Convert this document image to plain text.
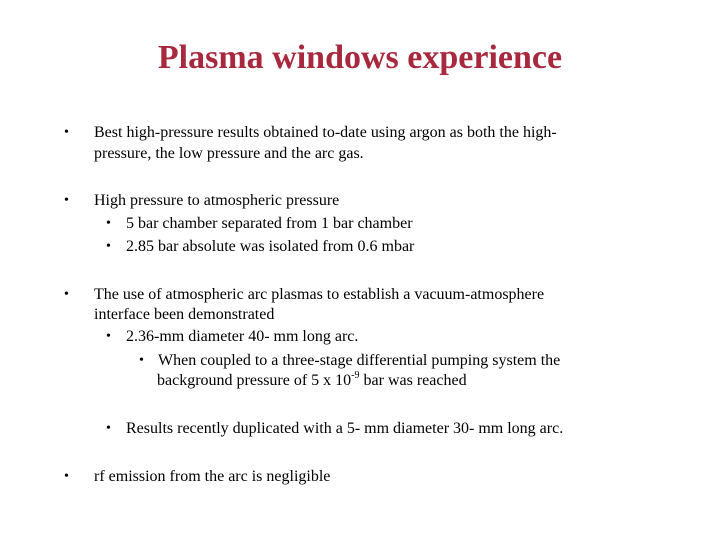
Plasma windows experience
• Best high-pressure results obtained to-date using argon as both the high-
pressure, the low pressure and the arc gas.
• High pressure to atmospheric pressure
• 5 bar chamber separated from 1 bar chamber
• 2.85 bar absolute was isolated from 0.6 mbar
• The use of atmospheric arc plasmas to establish a vacuum-atmosphere
interface been demonstrated
• 2.36-mm diameter 40- mm long arc.
• When coupled to a three-stage differential pumping system the
background pressure of 5 x $10^{-9}$ bar was reached
• Results recently duplicated with a 5- mm diameter 30- mm long arc.
• rf emission from the arc is negligible
